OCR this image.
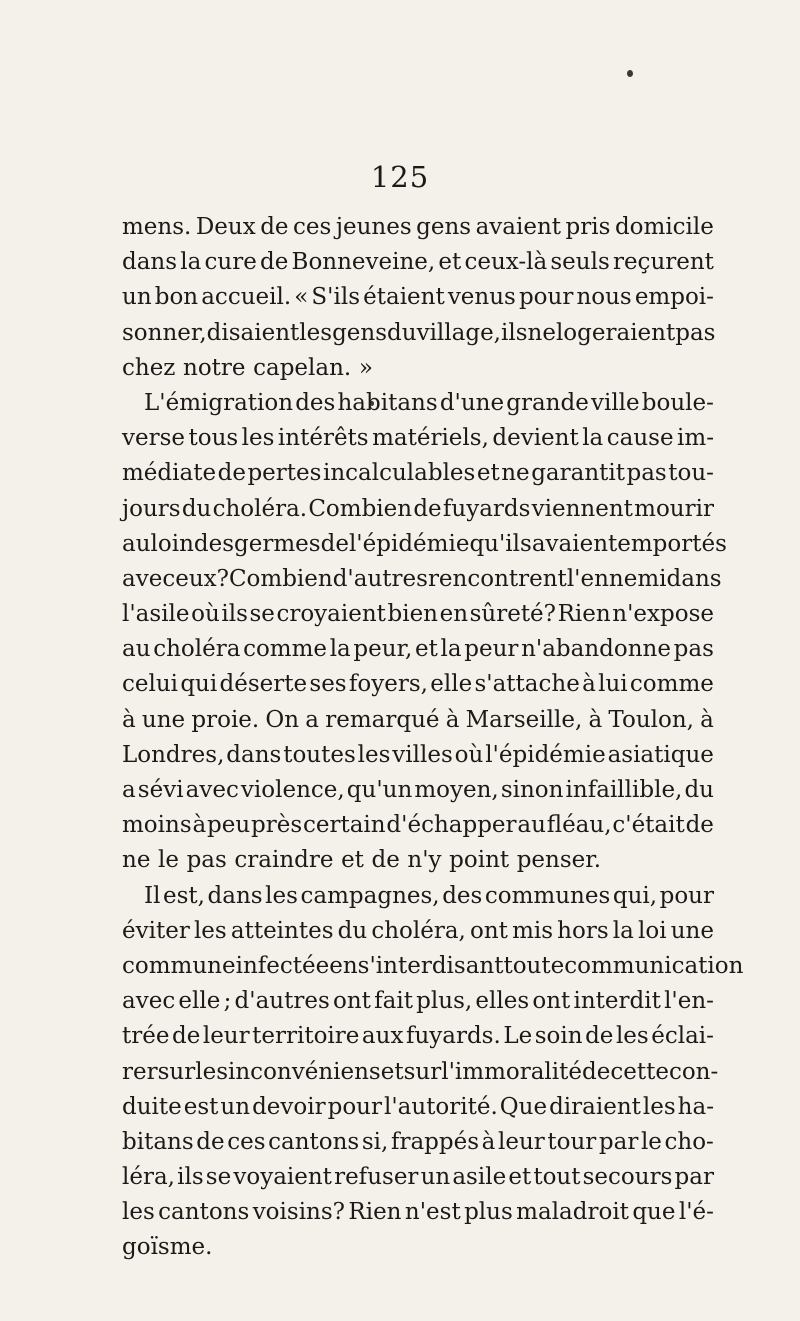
125
mens. Deux de ces jeunes gens avaient pris domicile
dans la cure de Bonneveine, et ceux-là seuls reçurent
un bon accueil. « S'ils étaient venus pour nous empoi-
sonner, disaient les gens du village, ils ne logeraient pas
chez notre capelan. »
L'émigration des habitans d'une grande ville boule-
verse tous les intérêts matériels, devient la cause im-
médiate de pertes incalculables et ne garantit pas tou-
jours du choléra. Combien de fuyards viennent mourir
au loin des germes de l'épidémie qu'ils avaient emportés
avec eux? Combien d'autres rencontrent l'ennemi dans
l'asile où ils se croyaient bien en sûreté? Rien n'expose
au choléra comme la peur, et la peur n'abandonne pas
celui qui déserte ses foyers, elle s'attache à lui comme
à une proie. On a remarqué à Marseille, à Toulon, à
Londres, dans toutes les villes où l'épidémie asiatique
a sévi avec violence, qu'un moyen, sinon infaillible, du
moins à peu près certain d'échapper au fléau, c'était de
ne le pas craindre et de n'y point penser.
Il est, dans les campagnes, des communes qui, pour
éviter les atteintes du choléra, ont mis hors la loi une
commune infectée en s'interdisant toute communication
avec elle ; d'autres ont fait plus, elles ont interdit l'en-
trée de leur territoire aux fuyards. Le soin de les éclai-
rer sur les inconvéniens et sur l'immoralité de cette con-
duite est un devoir pour l'autorité. Que diraient les ha-
bitans de ces cantons si, frappés à leur tour par le cho-
léra, ils se voyaient refuser un asile et tout secours par
les cantons voisins? Rien n'est plus maladroit que l'é-
goïsme.
